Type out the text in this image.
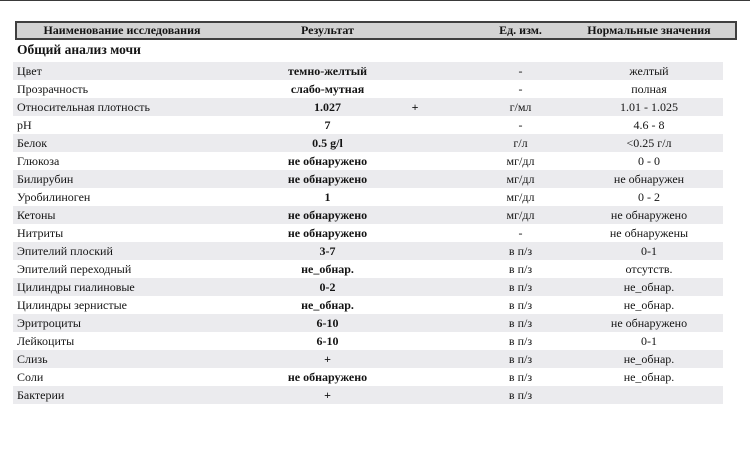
Наименование исследования	Результат	Ед. изм.	Нормальные значения
Общий анализ мочи
Цвет	темно-желтый	-	желтый
Прозрачность	слабо-мутная	-	полная
Относительная плотность	1.027	+	г/мл	1.01 - 1.025
pH	7	-	4.6 - 8
Белок	0.5 g/l	г/л	<0.25 г/л
Глюкоза	не обнаружено	мг/дл	0 - 0
Билирубин	не обнаружено	мг/дл	не обнаружен
Уробилиноген	1	мг/дл	0 - 2
Кетоны	не обнаружено	мг/дл	не обнаружено
Нитриты	не обнаружено	-	не обнаружены
Эпителий плоский	3-7	в п/з	0-1
Эпителий переходный	не_обнар.	в п/з	отсутств.
Цилиндры гиалиновые	0-2	в п/з	не_обнар.
Цилиндры зернистые	не_обнар.	в п/з	не_обнар.
Эритроциты	6-10	в п/з	не обнаружено
Лейкоциты	6-10	в п/з	0-1
Слизь	+	в п/з	не_обнар.
Соли	не обнаружено	в п/з	не_обнар.
Бактерии	+	в п/з
